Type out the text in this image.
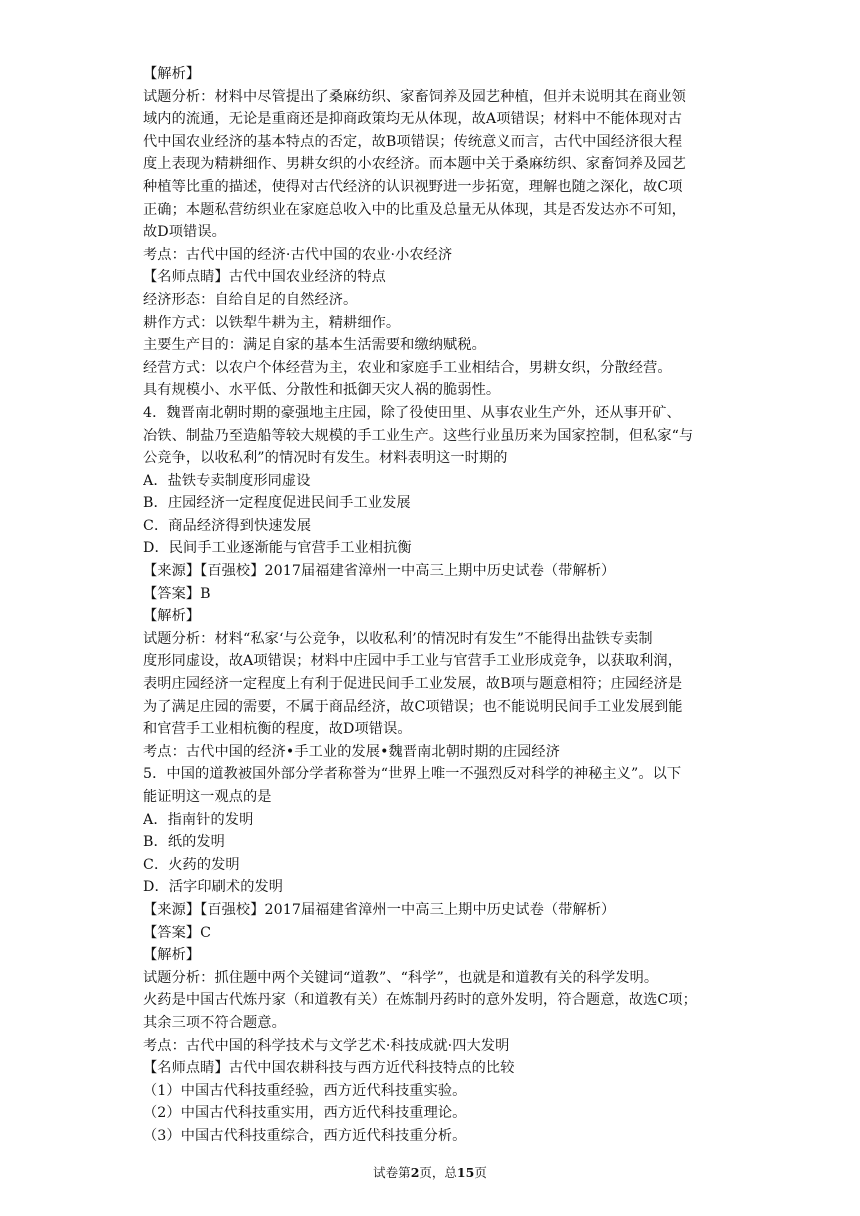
【解析】
试题分析：材料中尽管提出了桑麻纺织、家畜饲养及园艺种植，但并未说明其在商业领
域内的流通，无论是重商还是抑商政策均无从体现，故A项错误；材料中不能体现对古
代中国农业经济的基本特点的否定，故B项错误；传统意义而言，古代中国经济很大程
度上表现为精耕细作、男耕女织的小农经济。而本题中关于桑麻纺织、家畜饲养及园艺
种植等比重的描述，使得对古代经济的认识视野进一步拓宽，理解也随之深化，故C项
正确；本题私营纺织业在家庭总收入中的比重及总量无从体现，其是否发达亦不可知，
故D项错误。
考点：古代中国的经济·古代中国的农业·小农经济
【名师点睛】古代中国农业经济的特点
经济形态：自给自足的自然经济。
耕作方式：以铁犁牛耕为主，精耕细作。
主要生产目的：满足自家的基本生活需要和缴纳赋税。
经营方式：以农户个体经营为主，农业和家庭手工业相结合，男耕女织，分散经营。
具有规模小、水平低、分散性和抵御天灾人祸的脆弱性。
4．魏晋南北朝时期的豪强地主庄园，除了役使田里、从事农业生产外，还从事开矿、
冶铁、制盐乃至造船等较大规模的手工业生产。这些行业虽历来为国家控制，但私家“与
公竞争，以收私利”的情况时有发生。材料表明这一时期的
A．盐铁专卖制度形同虚设
B．庄园经济一定程度促进民间手工业发展
C．商品经济得到快速发展
D．民间手工业逐渐能与官营手工业相抗衡
【来源】【百强校】2017届福建省漳州一中高三上期中历史试卷（带解析）
【答案】B
【解析】
试题分析：材料“私家‘与公竞争，以收私利’的情况时有发生”不能得出盐铁专卖制
度形同虚设，故A项错误；材料中庄园中手工业与官营手工业形成竞争，以获取利润，
表明庄园经济一定程度上有利于促进民间手工业发展，故B项与题意相符；庄园经济是
为了满足庄园的需要，不属于商品经济，故C项错误；也不能说明民间手工业发展到能
和官营手工业相杭衡的程度，故D项错误。
考点：古代中国的经济•手工业的发展•魏晋南北朝时期的庄园经济
5．中国的道教被国外部分学者称誉为“世界上唯一不强烈反对科学的神秘主义”。以下
能证明这一观点的是
A．指南针的发明
B．纸的发明
C．火药的发明
D．活字印刷术的发明
【来源】【百强校】2017届福建省漳州一中高三上期中历史试卷（带解析）
【答案】C
【解析】
试题分析：抓住题中两个关键词“道教”、“科学”，也就是和道教有关的科学发明。
火药是中国古代炼丹家（和道教有关）在炼制丹药时的意外发明，符合题意，故选C项；
其余三项不符合题意。
考点：古代中国的科学技术与文学艺术·科技成就·四大发明
【名师点睛】古代中国农耕科技与西方近代科技特点的比较
（1）中国古代科技重经验，西方近代科技重实验。
（2）中国古代科技重实用，西方近代科技重理论。
（3）中国古代科技重综合，西方近代科技重分析。
试卷第2页，总15页
